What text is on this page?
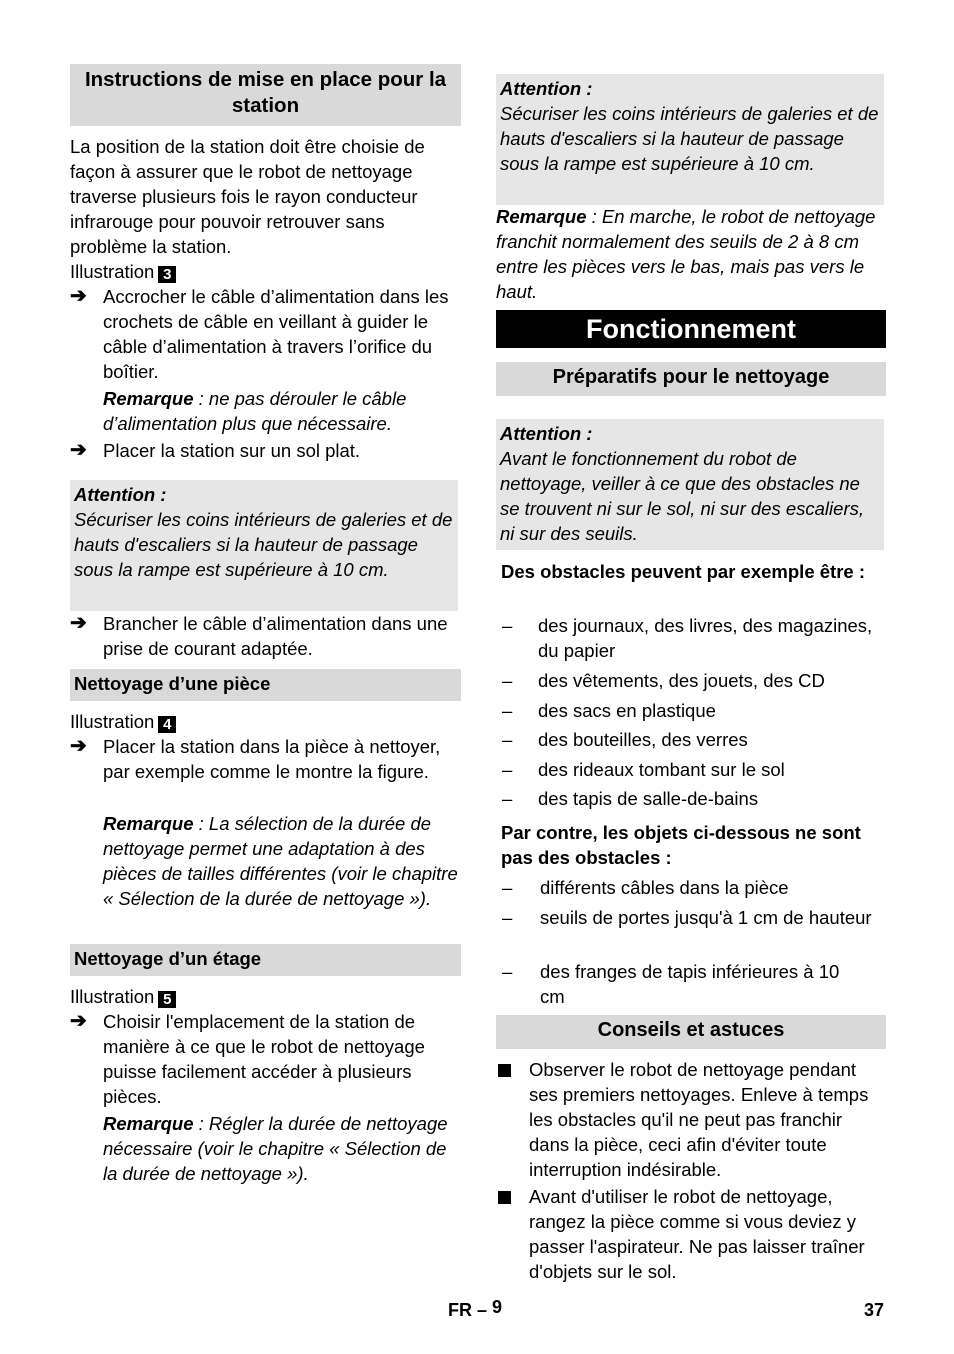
Instructions de mise en place pour la station
La position de la station doit être choisie de façon à assurer que le robot de nettoyage traverse plusieurs fois le rayon conducteur infrarouge pour pouvoir retrouver sans problème la station.
Illustration 3
➔ Accrocher le câble d’alimentation dans les crochets de câble en veillant à guider le câble d’alimentation à travers l’orifice du boîtier.
Remarque : ne pas dérouler le câble d’alimentation plus que nécessaire.
➔ Placer la station sur un sol plat.
Attention :
Sécuriser les coins intérieurs de galeries et de hauts d'escaliers si la hauteur de passage sous la rampe est supérieure à 10 cm.
➔ Brancher le câble d’alimentation dans une prise de courant adaptée.
Nettoyage d’une pièce
Illustration 4
➔ Placer la station dans la pièce à nettoyer, par exemple comme le montre la figure.
Remarque : La sélection de la durée de nettoyage permet une adaptation à des pièces de tailles différentes (voir le chapitre « Sélection de la durée de nettoyage »).
Nettoyage d’un étage
Illustration 5
➔ Choisir l'emplacement de la station de manière à ce que le robot de nettoyage puisse facilement accéder à plusieurs pièces.
Remarque : Régler la durée de nettoyage nécessaire (voir le chapitre « Sélection de la durée de nettoyage »).
Attention :
Sécuriser les coins intérieurs de galeries et de hauts d'escaliers si la hauteur de passage sous la rampe est supérieure à 10 cm.
Remarque : En marche, le robot de nettoyage franchit normalement des seuils de 2 à 8 cm entre les pièces vers le bas, mais pas vers le haut.
Fonctionnement
Préparatifs pour le nettoyage
Attention :
Avant le fonctionnement du robot de nettoyage, veiller à ce que des obstacles ne se trouvent ni sur le sol, ni sur des escaliers, ni sur des seuils.
Des obstacles peuvent par exemple être :
–	des journaux, des livres, des magazines, du papier
–	des vêtements, des jouets, des CD
–	des sacs en plastique
–	des bouteilles, des verres
–	des rideaux tombant sur le sol
–	des tapis de salle-de-bains
Par contre, les objets ci-dessous ne sont pas des obstacles :
–	différents câbles dans la pièce
–	seuils de portes jusqu'à 1 cm de hauteur
–	des franges de tapis inférieures à 10 cm
Conseils et astuces
Observer le robot de nettoyage pendant ses premiers nettoyages. Enleve à temps les obstacles qu'il ne peut pas franchir dans la pièce, ceci afin d'éviter toute interruption indésirable.
Avant d'utiliser le robot de nettoyage, rangez la pièce comme si vous deviez y passer l'aspirateur. Ne pas laisser traîner d'objets sur le sol.
FR – 9	37
